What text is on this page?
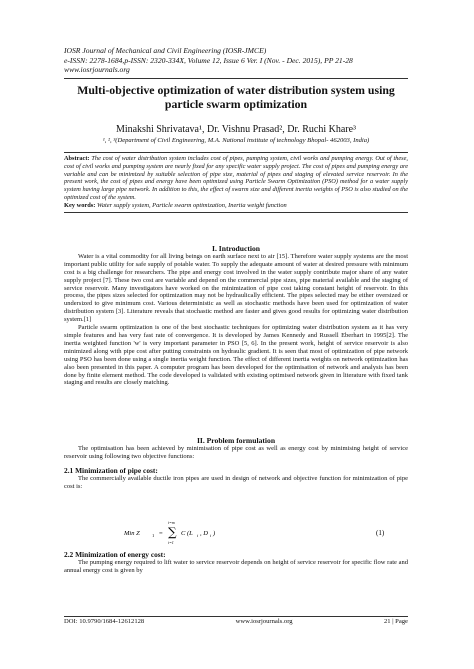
IOSR Journal of Mechanical and Civil Engineering (IOSR-JMCE)
e-ISSN: 2278-1684,p-ISSN: 2320-334X, Volume 12, Issue 6 Ver. I (Nov. - Dec. 2015), PP 21-28
www.iosrjournals.org
Multi-objective optimization of water distribution system using particle swarm optimization
Minakshi Shrivatava¹, Dr. Vishnu Prasad², Dr. Ruchi Khare³
¹, ², ³(Department of Civil Engineering, M.A. National institute of technology Bhopal- 462003, India)

Abstract: The cost of water distribution system includes cost of pipes, pumping system, civil works and pumping energy. Out of these, cost of civil works and pumping system are nearly fixed for any specific water supply project. The cost of pipes and pumping energy are variable and can be minimized by suitable selection of pipe size, material of pipes and staging of elevated service reservoir. In the present work, the cost of pipes and energy have been optimized using Particle Swarm Optimization (PSO) method for a water supply system having large pipe network. In addition to this, the effect of swarm size and different inertia weights of PSO is also studied on the optimized cost of the system.

Key words: Water supply system, Particle swarm optimization, Inertia weight function

I. Introduction

Water is a vital commodity for all living beings on earth surface next to air [15]. Therefore water supply systems are the most important public utility for safe supply of potable water. To supply the adequate amount of water at desired pressure with minimum cost is a big challenge for researchers. The pipe and energy cost involved in the water supply contribute major share of any water supply project [7]. These two cost are variable and depend on the commercial pipe sizes, pipe material available and the staging of service reservoir. Many investigators have worked on the minimization of pipe cost taking constant height of reservoir. In this process, the pipes sizes selected for optimization may not be hydraulically efficient. The pipes selected may be either oversized or undersized to give minimum cost. Various deterministic as well as stochastic methods have been used for optimization of water distribution system [3]. Literature reveals that stochastic method are faster and gives good results for optimizing water distribution system.[1]

Particle swarm optimization is one of the best stochastic techniques for optimizing water distribution system as it has very simple features and has very fast rate of convergence. It is developed by James Kennedy and Russell Eberhart in 1995[2]. The inertia weighted function 'w' is very important parameter in PSO [5, 6]. In the present work, height of service reservoir is also minimized along with pipe cost after putting constraints on hydraulic gradient. It is seen that most of optimization of pipe network using PSO has been done using a single inertia weight function. The effect of different inertia weights on network optimization has also been presented in this paper. A computer program has been developed for the optimisation of network and analysis has been done by finite element method. The code developed is validated with existing optimised network given in literature with fixed tank staging and results are closely matching.

II. Problem formulation

The optimisation has been achieved by minimisation of pipe cost as well as energy cost by minimising height of service reservoir using following two objective functions:

2.1 Minimization of pipe cost:

The commercially available ductile iron pipes are used in design of network and objective function for minimization of pipe cost is:

Min Z	1 =
i=m
∑
i=1
C (L i , D i )	(1)
2.2 Minimization of energy cost:

The pumping energy required to lift water to service reservoir depends on height of service reservoir for specific flow rate and annual energy cost is given by

DOI: 10.9790/1684-12612128	www.iosrjournals.org	21 | Page
